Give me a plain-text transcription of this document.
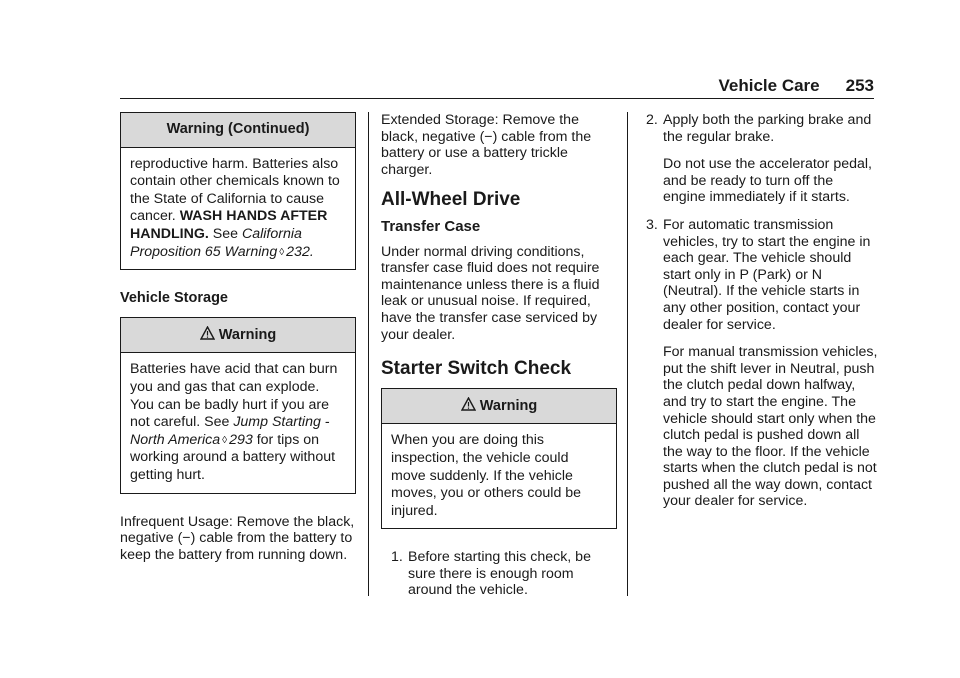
Vehicle Care 253
Warning (Continued)
reproductive harm. Batteries also contain other chemicals known to the State of California to cause cancer. WASH HANDS AFTER HANDLING. See California Proposition 65 Warning ◊ 232.
Vehicle Storage
Warning
Batteries have acid that can burn you and gas that can explode. You can be badly hurt if you are not careful. See Jump Starting - North America ◊ 293 for tips on working around a battery without getting hurt.

Infrequent Usage: Remove the black, negative (−) cable from the battery to keep the battery from running down.

Extended Storage: Remove the black, negative (−) cable from the battery or use a battery trickle charger.

All-Wheel Drive
Transfer Case

Under normal driving conditions, transfer case fluid does not require maintenance unless there is a fluid leak or unusual noise. If required, have the transfer case serviced by your dealer.

Starter Switch Check
Warning
When you are doing this inspection, the vehicle could move suddenly. If the vehicle moves, you or others could be injured.
1. Before starting this check, be sure there is enough room around the vehicle.
2. Apply both the parking brake and the regular brake.

Do not use the accelerator pedal, and be ready to turn off the engine immediately if it starts.

3. For automatic transmission vehicles, try to start the engine in each gear. The vehicle should start only in P (Park) or N (Neutral). If the vehicle starts in any other position, contact your dealer for service.

For manual transmission vehicles, put the shift lever in Neutral, push the clutch pedal down halfway, and try to start the engine. The vehicle should start only when the clutch pedal is pushed down all the way to the floor. If the vehicle starts when the clutch pedal is not pushed all the way down, contact your dealer for service.
